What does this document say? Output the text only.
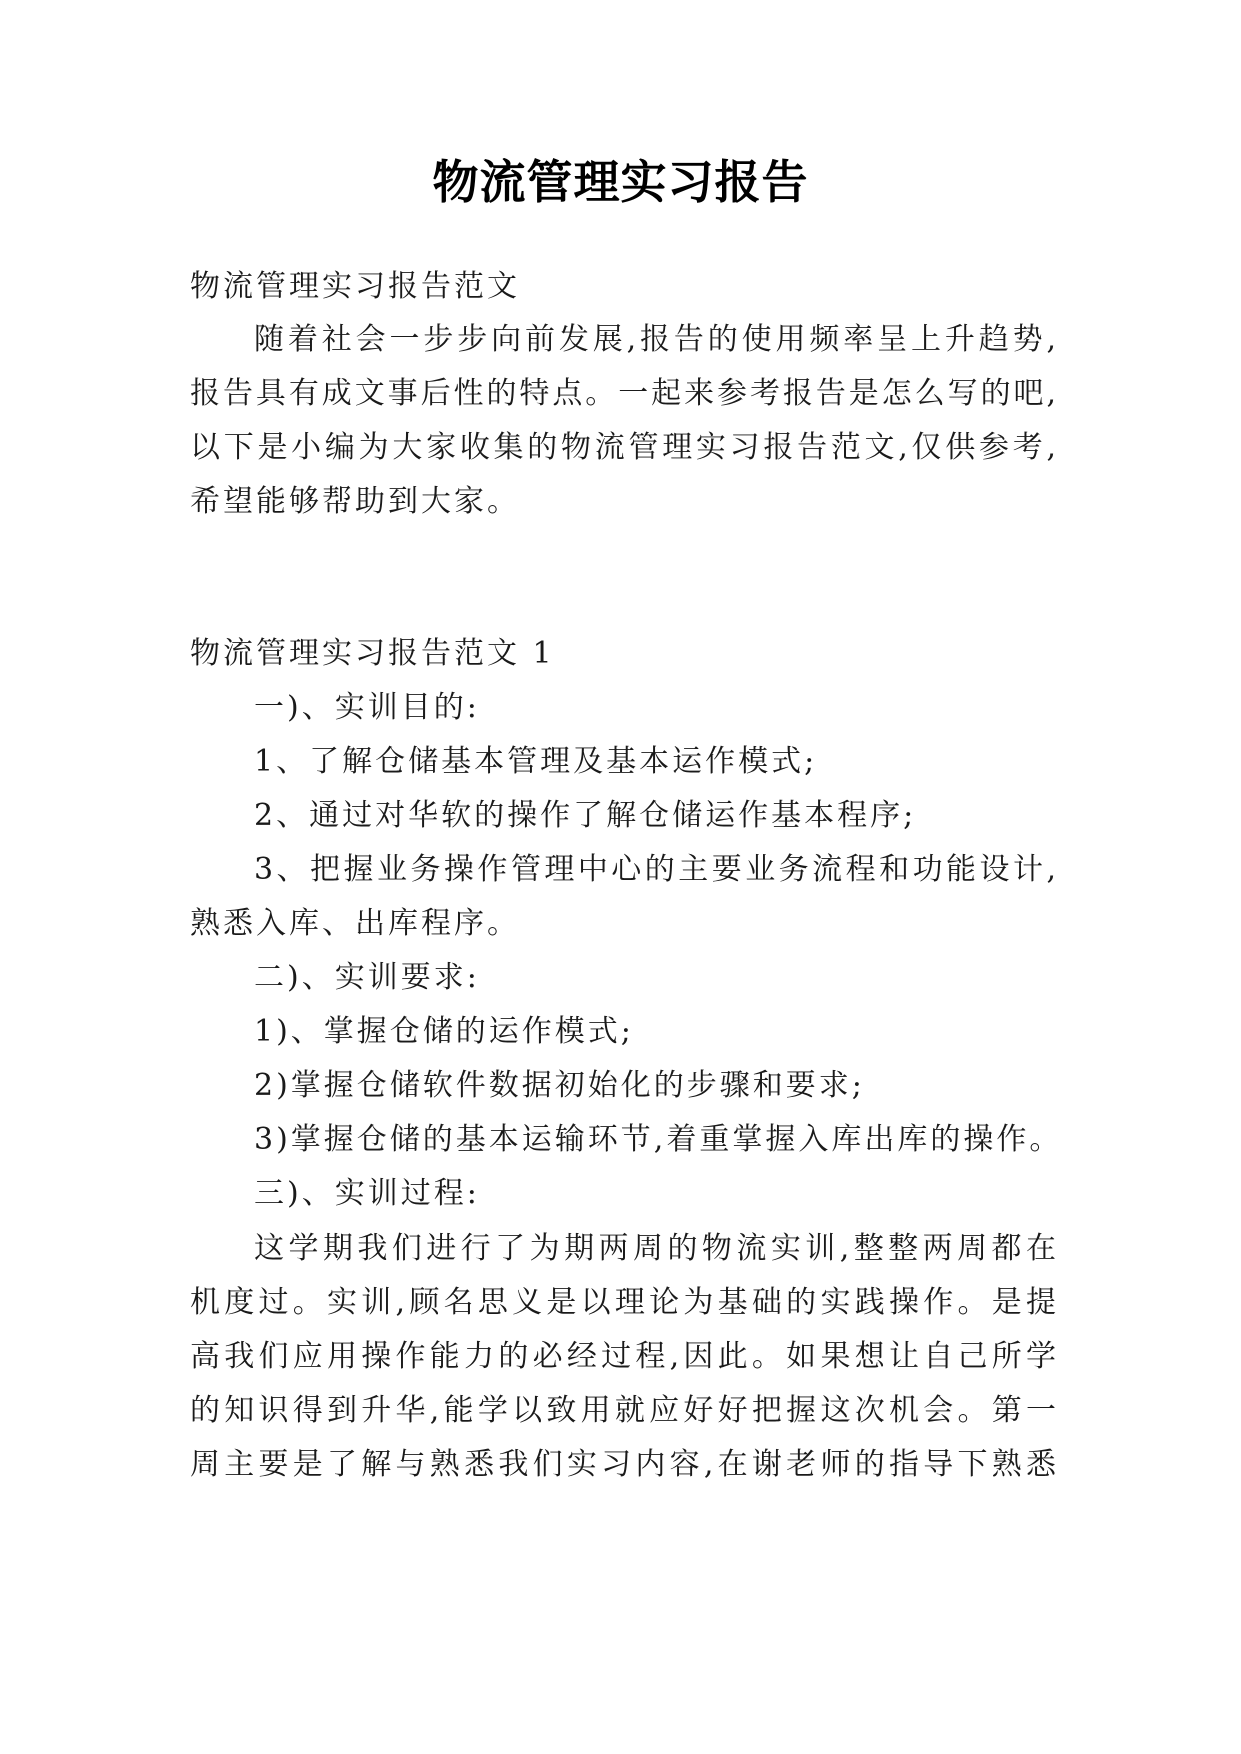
物流管理实习报告

物流管理实习报告范文

随着社会一步步向前发展,报告的使用频率呈上升趋势,

报告具有成文事后性的特点。一起来参考报告是怎么写的吧,

以下是小编为大家收集的物流管理实习报告范文,仅供参考,

希望能够帮助到大家。

物流管理实习报告范文 1

一)、实训目的:

1、了解仓储基本管理及基本运作模式;

2、通过对华软的操作了解仓储运作基本程序;

3、把握业务操作管理中心的主要业务流程和功能设计,

熟悉入库、出库程序。

二)、实训要求:

1)、掌握仓储的运作模式;

2)掌握仓储软件数据初始化的步骤和要求;

3)掌握仓储的基本运输环节,着重掌握入库出库的操作。

三)、实训过程:

这学期我们进行了为期两周的物流实训,整整两周都在

机度过。实训,顾名思义是以理论为基础的实践操作。是提

高我们应用操作能力的必经过程,因此。如果想让自己所学

的知识得到升华,能学以致用就应好好把握这次机会。第一

周主要是了解与熟悉我们实习内容,在谢老师的指导下熟悉
